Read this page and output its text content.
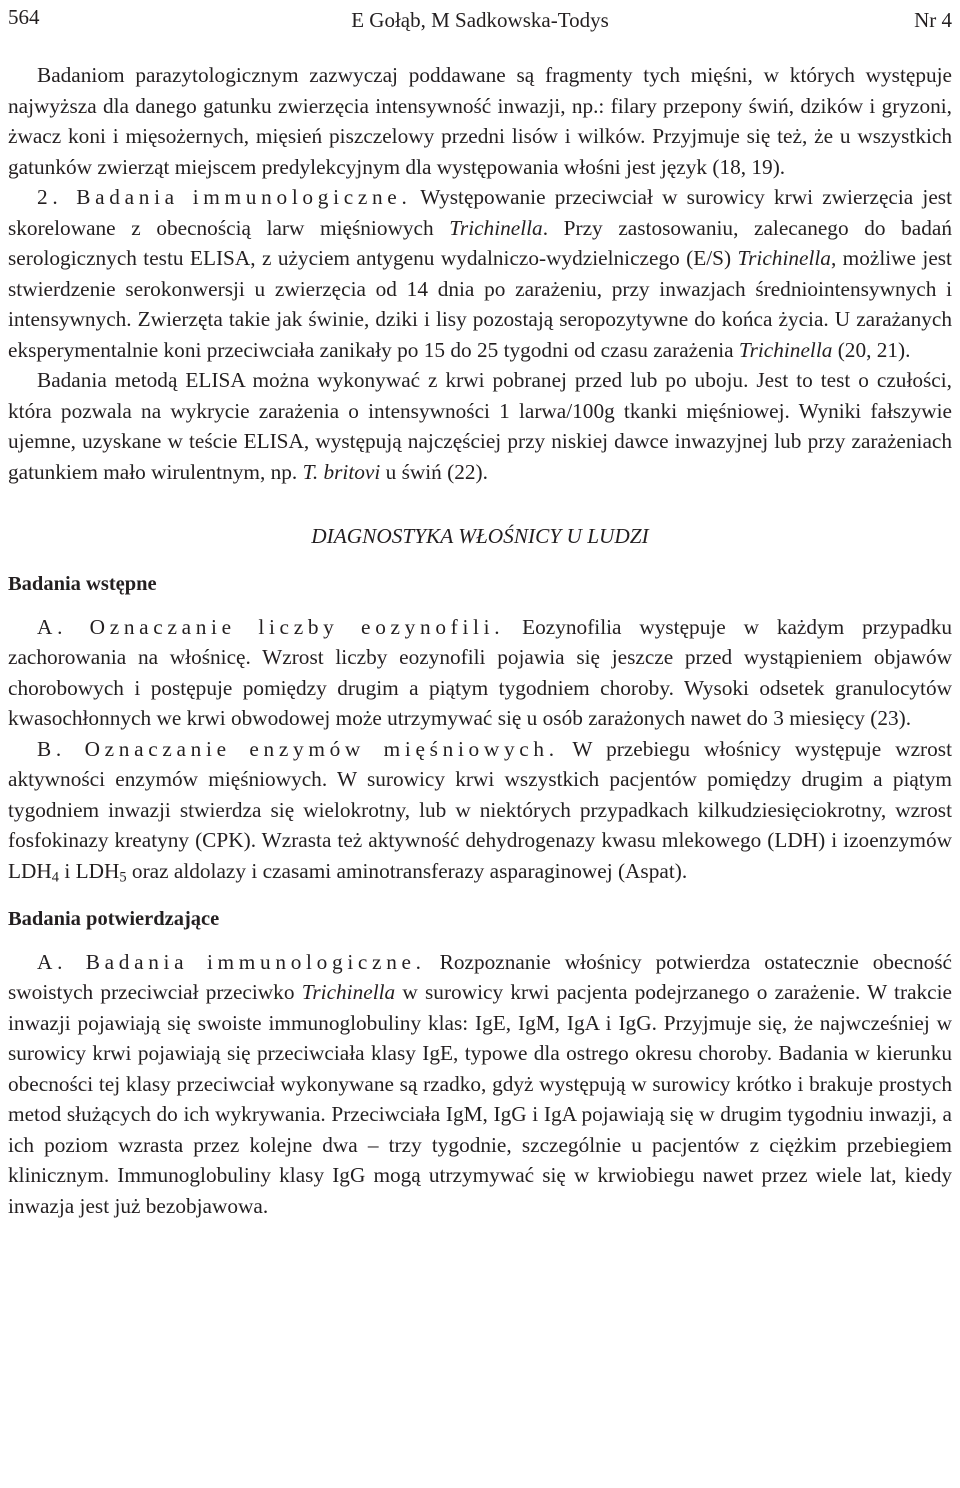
564	E Gołąb, M Sadkowska-Todys	Nr 4

Badaniom parazytologicznym zazwyczaj poddawane są fragmenty tych mięśni, w których występuje najwyższa dla danego gatunku zwierzęcia intensywność inwazji, np.: filary przepony świń, dzików i gryzoni, żwacz koni i mięsożernych, mięsień piszczelowy przedni lisów i wilków. Przyjmuje się też, że u wszystkich gatunków zwierząt miejscem predylekcyjnym dla występowania włośni jest język (18, 19).

2. Badania immunologiczne. Występowanie przeciwciał w surowicy krwi zwierzęcia jest skorelowane z obecnością larw mięśniowych Trichinella. Przy zastosowaniu, zalecanego do badań serologicznych testu ELISA, z użyciem antygenu wydalniczo-wydzielniczego (E/S) Trichinella, możliwe jest stwierdzenie serokonwersji u zwierzęcia od 14 dnia po zarażeniu, przy inwazjach średniointensywnych i intensywnych. Zwierzęta takie jak świnie, dziki i lisy pozostają seropozytywne do końca życia. U zarażanych eksperymentalnie koni przeciwciała zanikały po 15 do 25 tygodni od czasu zarażenia Trichinella (20, 21).

Badania metodą ELISA można wykonywać z krwi pobranej przed lub po uboju. Jest to test o czułości, która pozwala na wykrycie zarażenia o intensywności 1 larwa/100g tkanki mięśniowej. Wyniki fałszywie ujemne, uzyskane w teście ELISA, występują najczęściej przy niskiej dawce inwazyjnej lub przy zarażeniach gatunkiem mało wirulentnym, np. T. britovi u świń (22).

DIAGNOSTYKA WŁOŚNICY U LUDZI

Badania wstępne

A. Oznaczanie liczby eozynofili. Eozynofilia występuje w każdym przypadku zachorowania na włośnicę. Wzrost liczby eozynofili pojawia się jeszcze przed wystąpieniem objawów chorobowych i postępuje pomiędzy drugim a piątym tygodniem choroby. Wysoki odsetek granulocytów kwasochłonnych we krwi obwodowej może utrzymywać się u osób zarażonych nawet do 3 miesięcy (23).

B. Oznaczanie enzymów mięśniowych. W przebiegu włośnicy występuje wzrost aktywności enzymów mięśniowych. W surowicy krwi wszystkich pacjentów pomiędzy drugim a piątym tygodniem inwazji stwierdza się wielokrotny, lub w niektórych przypadkach kilkudziesięciokrotny, wzrost fosfokinazy kreatyny (CPK). Wzrasta też aktywność dehydrogenazy kwasu mlekowego (LDH) i izoenzymów $LDH_4$ i $LDH_5$ oraz aldolazy i czasami aminotransferazy asparaginowej (Aspat).

Badania potwierdzające

A. Badania immunologiczne. Rozpoznanie włośnicy potwierdza ostatecznie obecność swoistych przeciwciał przeciwko Trichinella w surowicy krwi pacjenta podejrzanego o zarażenie. W trakcie inwazji pojawiają się swoiste immunoglobuliny klas: IgE, IgM, IgA i IgG. Przyjmuje się, że najwcześniej w surowicy krwi pojawiają się przeciwciała klasy IgE, typowe dla ostrego okresu choroby. Badania w kierunku obecności tej klasy przeciwciał wykonywane są rzadko, gdyż występują w surowicy krótko i brakuje prostych metod służących do ich wykrywania. Przeciwciała IgM, IgG i IgA pojawiają się w drugim tygodniu inwazji, a ich poziom wzrasta przez kolejne dwa – trzy tygodnie, szczególnie u pacjentów z ciężkim przebiegiem klinicznym. Immunoglobuliny klasy IgG mogą utrzymywać się w krwiobiegu nawet przez wiele lat, kiedy inwazja jest już bezobjawowa.
